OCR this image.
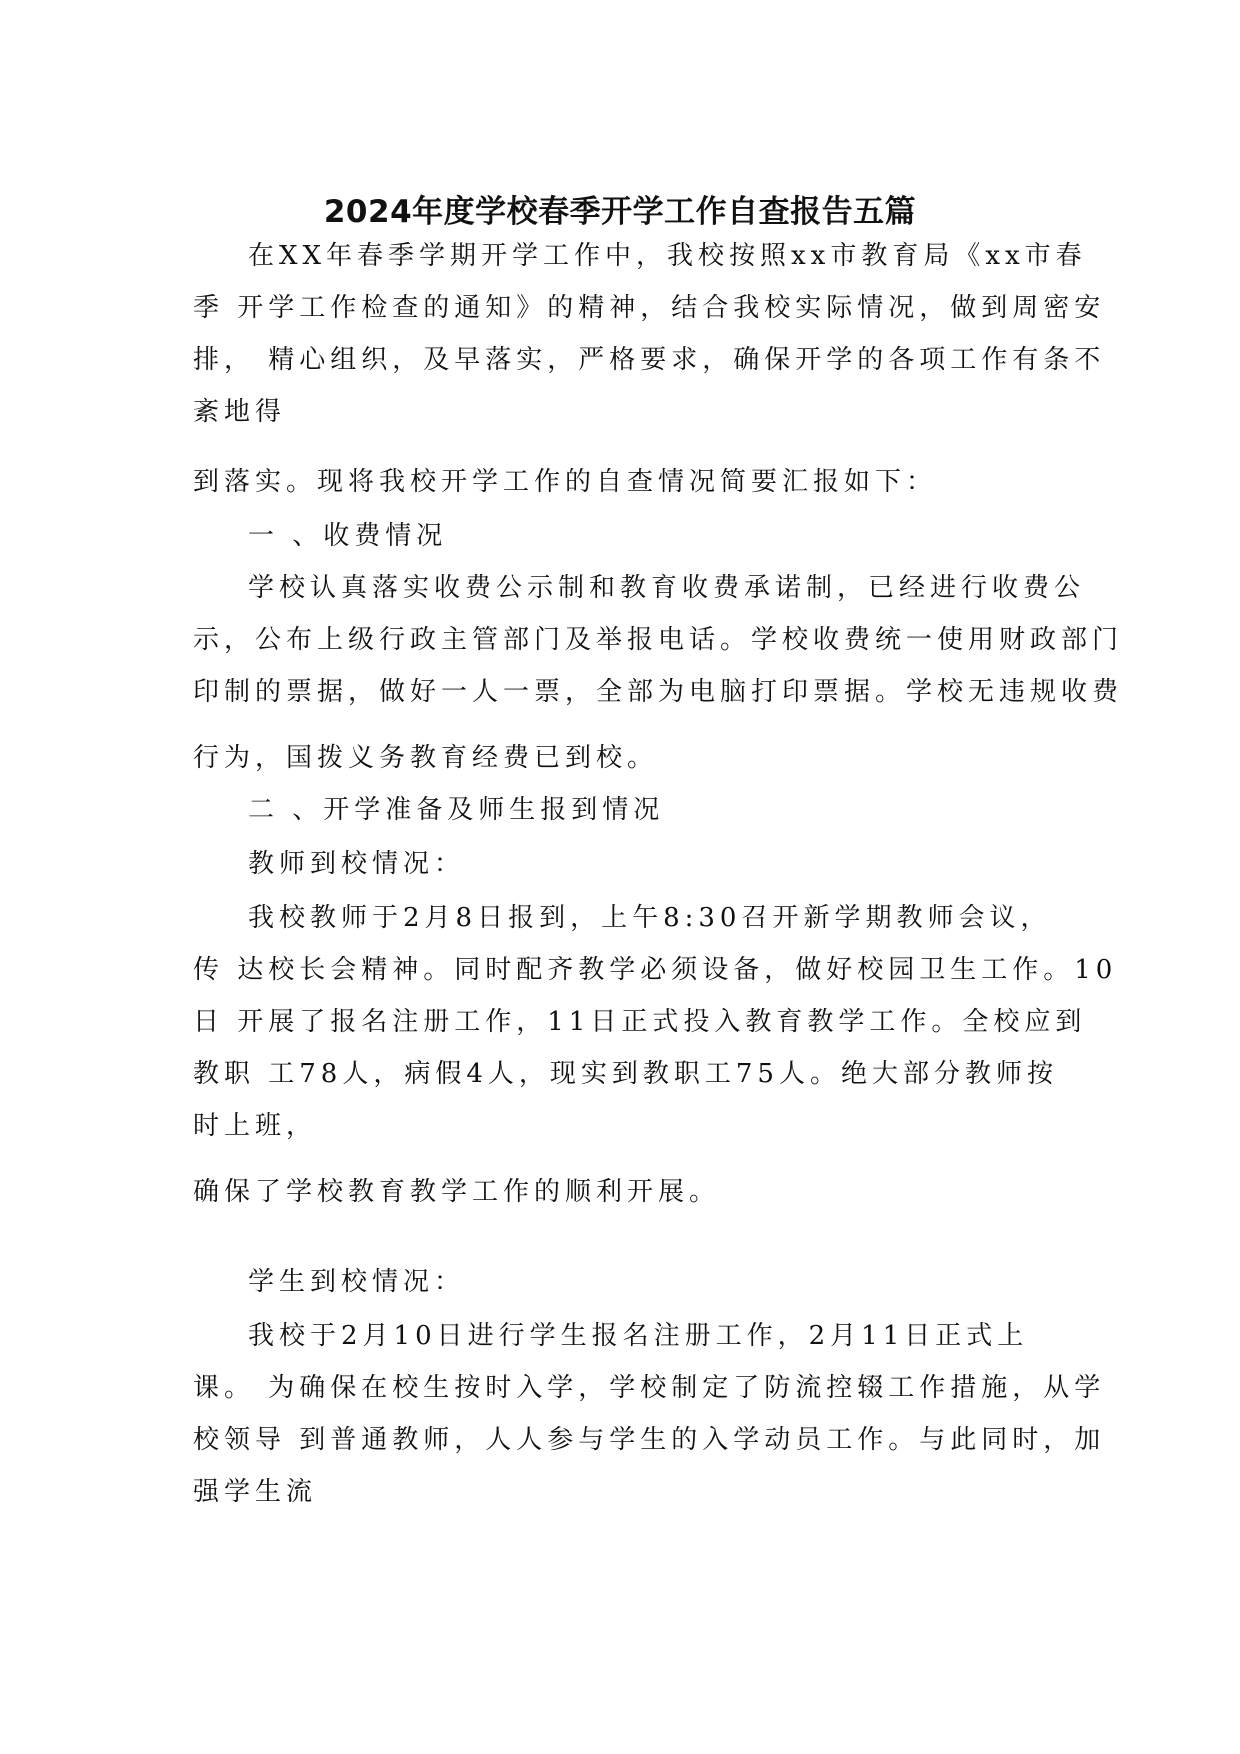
2024年度学校春季开学工作自查报告五篇
在XX年春季学期开学工作中，我校按照xx市教育局《xx市春
季 开学工作检查的通知》的精神，结合我校实际情况，做到周密安
排， 精心组织，及早落实，严格要求，确保开学的各项工作有条不
紊地得
到落实。现将我校开学工作的自查情况简要汇报如下：
一 、收费情况
学校认真落实收费公示制和教育收费承诺制，已经进行收费公
示，公布上级行政主管部门及举报电话。学校收费统一使用财政部门
印制的票据，做好一人一票，全部为电脑打印票据。学校无违规收费
行为，国拨义务教育经费已到校。
二 、开学准备及师生报到情况
教师到校情况：
我校教师于2月8日报到，上午8:30召开新学期教师会议，
传 达校长会精神。同时配齐教学必须设备，做好校园卫生工作。10
日 开展了报名注册工作，11日正式投入教育教学工作。全校应到
教职 工78人，病假4人，现实到教职工75人。绝大部分教师按
时上班，
确保了学校教育教学工作的顺利开展。
学生到校情况：
我校于2月10日进行学生报名注册工作，2月11日正式上
课。 为确保在校生按时入学，学校制定了防流控辍工作措施，从学
校领导 到普通教师，人人参与学生的入学动员工作。与此同时，加
强学生流
